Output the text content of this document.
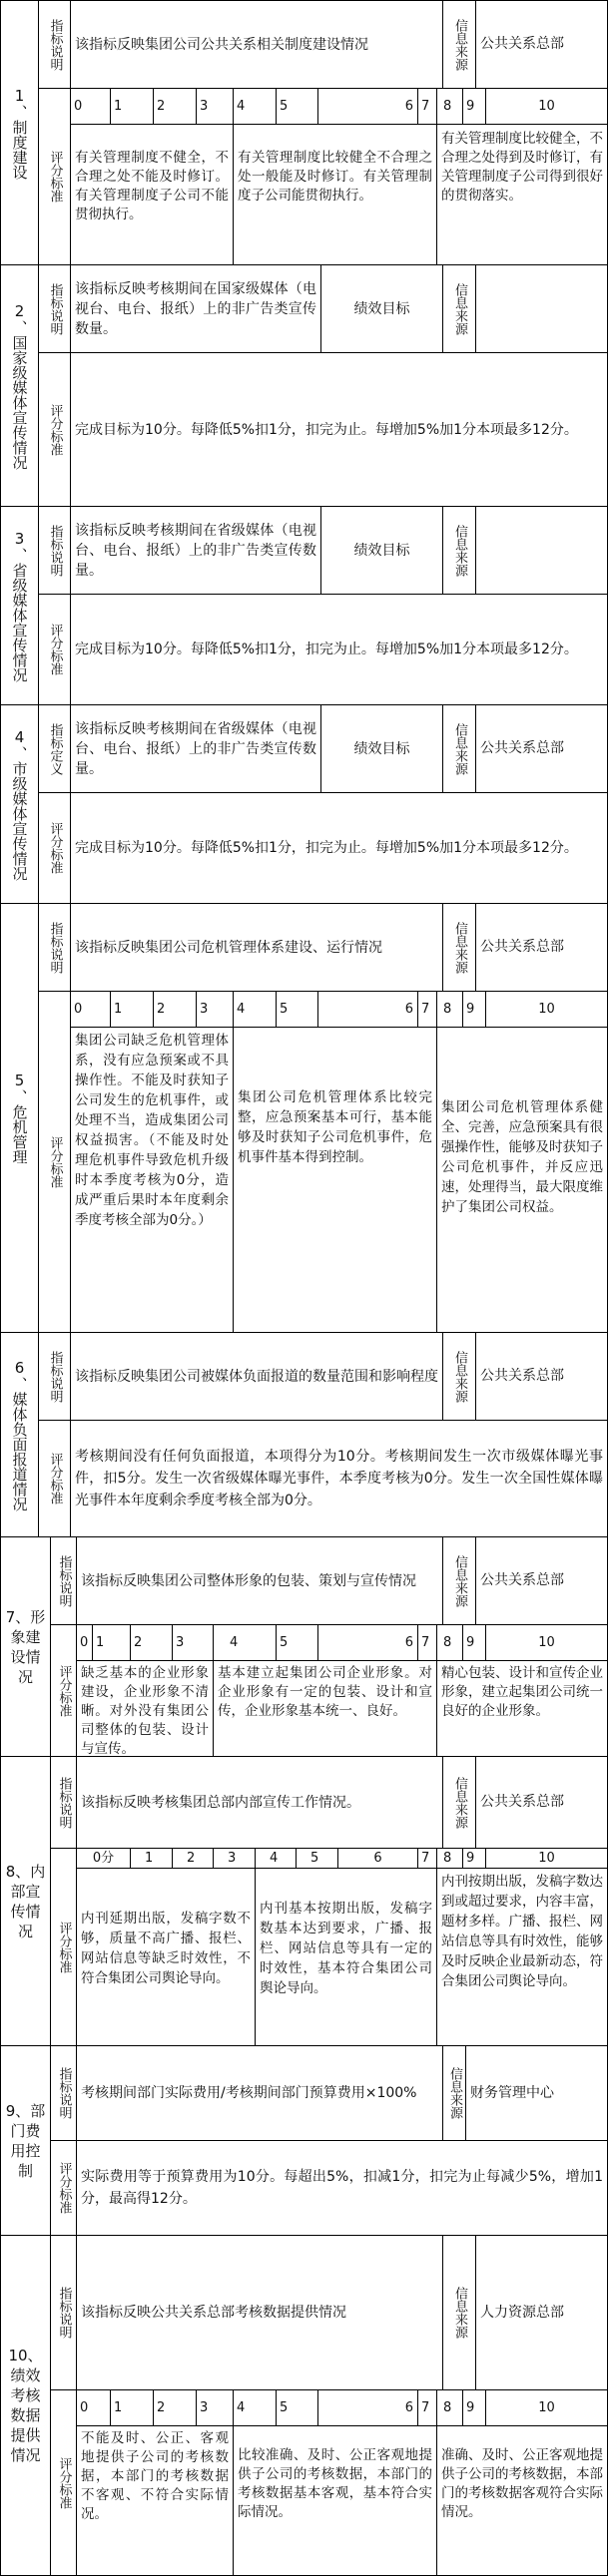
1、制度建设
指标说明 该指标反映集团公司公共关系相关制度建设情况	信息来源 公共关系总部
评分标准
0	1	2	3	4	5	6 7	8	9	10
有关管理制度不健全，不合理之处不能及时修订。有关管理制度子公司不能贯彻执行。
有关管理制度比较健全不合理之处一般能及时修订。有关管理制度子公司能贯彻执行。
有关管理制度比较健全，不合理之处得到及时修订，有关管理制度子公司得到很好的贯彻落实。
2、国家级媒体宣传情况	指标说明 该指标反映考核期间在国家级媒体（电视台、电台、报纸）上的非广告类宣传数量。
绩效目标	信息来源
评分标准 完成目标为10分。每降低5%扣1分，扣完为止。每增加5%加1分本项最多12分。
3、省级媒体宣传情况	指标说明 该指标反映考核期间在省级媒体（电视台、电台、报纸）上的非广告类宣传数量。
绩效目标	信息来源
评分标准 完成目标为10分。每降低5%扣1分，扣完为止。每增加5%加1分本项最多12分。
4、市级媒体宣传情况	指标定义 该指标反映考核期间在省级媒体（电视台、电台、报纸）上的非广告类宣传数量。
绩效目标	信息来源 公共关系总部
评分标准 完成目标为10分。每降低5%扣1分，扣完为止。每增加5%加1分本项最多12分。
5、危机管理
指标说明 该指标反映集团公司危机管理体系建设、运行情况	信息来源 公共关系总部
评分标准
0	1	2	3	4	5	6 7	8	9	10
集团公司缺乏危机管理体系，没有应急预案或不具操作性。不能及时获知子公司发生的危机事件，或处理不当，造成集团公司权益损害。（不能及时处理危机事件导致危机升级时本季度考核为0分，造成严重后果时本年度剩余季度考核全部为0分。）
集团公司危机管理体系比较完整，应急预案基本可行，基本能够及时获知子公司危机事件，危机事件基本得到控制。
集团公司危机管理体系健全、完善，应急预案具有很强操作性，能够及时获知子公司危机事件，并反应迅速，处理得当，最大限度维护了集团公司权益。
6、媒体负面报道情况	指标说明 该指标反映集团公司被媒体负面报道的数量范围和影响程度	信息来源 公共关系总部
评分标准 考核期间没有任何负面报道，本项得分为10分。考核期间发生一次市级媒体曝光事件，扣5分。发生一次省级媒体曝光事件，本季度考核为0分。发生一次全国性媒体曝光事件本年度剩余季度考核全部为0分。
7、形象建设情况
指标说明 该指标反映集团公司整体形象的包装、策划与宣传情况	信息来源 公共关系总部
评分标准
0 1	2	3	4	5	6 7	8	9	10
缺乏基本的企业形象建设，企业形象不清晰。对外没有集团公司整体的包装、设计与宣传。
基本建立起集团公司企业形象。对企业形象有一定的包装、设计和宣传，企业形象基本统一、良好。
精心包装、设计和宣传企业形象，建立起集团公司统一良好的企业形象。
8、内部宣传情况
指标说明 该指标反映考核集团总部内部宣传工作情况。	信息来源 公共关系总部
评分标准
0分	1	2	3	4	5	6	7	8	9	10
内刊延期出版，发稿字数不够，质量不高广播、报栏、网站信息等缺乏时效性，不符合集团公司舆论导向。
内刊基本按期出版，发稿字数基本达到要求，广播、报栏、网站信息等具有一定的时效性，基本符合集团公司舆论导向。
内刊按期出版，发稿字数达到或超过要求，内容丰富，题材多样。广播、报栏、网站信息等具有时效性，能够及时反映企业最新动态，符合集团公司舆论导向。
9、部门费用控制
指标说明 考核期间部门实际费用/考核期间部门预算费用×100%	信息来源 财务管理中心
评分标准 实际费用等于预算费用为10分。每超出5%，扣减1分，扣完为止每减少5%，增加1分，最高得12分。
10、绩效考核数据提供情况
指标说明 该指标反映公共关系总部考核数据提供情况	信息来源 人力资源总部
评分标准
0	1	2	3	4	5	6 7	8	9	10
不能及时、公正、客观地提供子公司的考核数据，本部门的考核数据不客观、不符合实际情况。
比较准确、及时、公正客观地提供子公司的考核数据，本部门的考核数据基本客观，基本符合实际情况。
准确、及时、公正客观地提供子公司的考核数据，本部门的考核数据客观符合实际情况。
